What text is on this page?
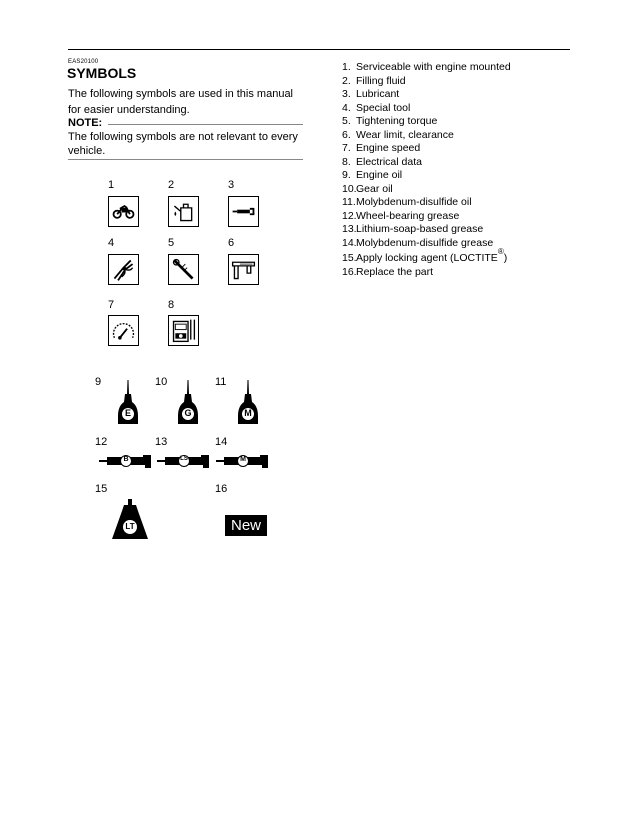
EAS20100
SYMBOLS
The following symbols are used in this manual
for easier understanding.
NOTE:
The following symbols are not relevant to every
vehicle.
1	2	3
4	5	6
7	8
9	10	11
E	G	M
12	13	14
B	LS	M
15	16
LT	New
1. Serviceable with engine mounted
2. Filling fluid
3. Lubricant
4. Special tool
5. Tightening torque
6. Wear limit, clearance
7. Engine speed
8. Electrical data
9. Engine oil
10. Gear oil
11. Molybdenum-disulfide oil
12. Wheel-bearing grease
13. Lithium-soap-based grease
14. Molybdenum-disulfide grease
15. Apply locking agent (LOCTITE
®
)
16. Replace the part
